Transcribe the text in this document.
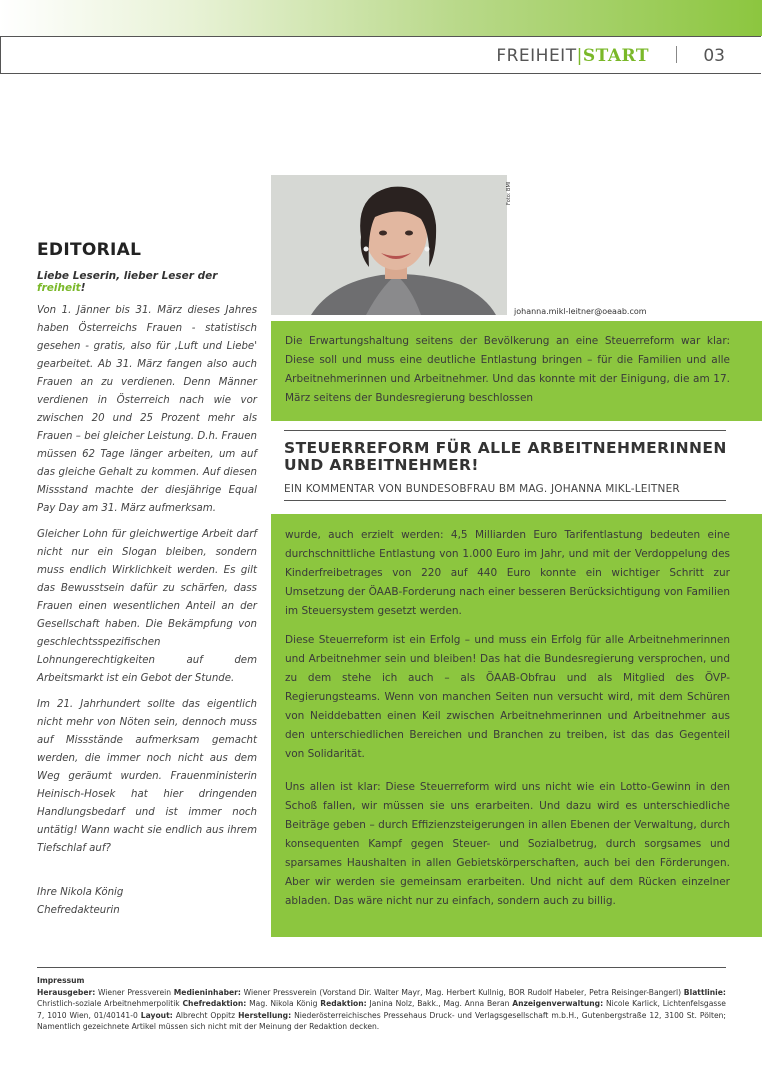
FREIHEIT|START	03
Foto: BMI
johanna.mikl-leitner@oeaab.com
EDITORIAL
Liebe Leserin, lieber Leser der freiheit!

Von 1. Jänner bis 31. März dieses Jahres haben Österreichs Frauen - statistisch gesehen - gratis, also für ‚Luft und Liebe' gearbeitet. Ab 31. März fangen also auch Frauen an zu verdienen. Denn Männer verdienen in Österreich nach wie vor zwischen 20 und 25 Prozent mehr als Frauen – bei gleicher Leistung. D.h. Frauen müssen 62 Tage länger arbeiten, um auf das gleiche Gehalt zu kommen. Auf diesen Missstand machte der diesjährige Equal Pay Day am 31. März aufmerksam.

Gleicher Lohn für gleichwertige Arbeit darf nicht nur ein Slogan bleiben, sondern muss endlich Wirklichkeit werden. Es gilt das Bewusstsein dafür zu schärfen, dass Frauen einen wesentlichen Anteil an der Gesellschaft haben. Die Bekämpfung von geschlechtsspezifischen Lohnungerechtigkeiten auf dem Arbeitsmarkt ist ein Gebot der Stunde.

Im 21. Jahrhundert sollte das eigentlich nicht mehr von Nöten sein, dennoch muss auf Missstände aufmerksam gemacht werden, die immer noch nicht aus dem Weg geräumt wurden. Frauenministerin Heinisch-Hosek hat hier dringenden Handlungsbedarf und ist immer noch untätig! Wann wacht sie endlich aus ihrem Tiefschlaf auf?

Ihre Nikola König
Chefredakteurin

Die Erwartungshaltung seitens der Bevölkerung an eine Steuerreform war klar: Diese soll und muss eine deutliche Entlastung bringen – für die Familien und alle Arbeitnehmerinnen und Arbeitnehmer. Und das konnte mit der Einigung, die am 17. März seitens der Bundesregierung beschlossen

STEUERREFORM FÜR ALLE ARBEITNEHMERINNEN UND ARBEITNEHMER!
EIN KOMMENTAR VON BUNDESOBFRAU BM MAG. JOHANNA MIKL-LEITNER

wurde, auch erzielt werden: 4,5 Milliarden Euro Tarifentlastung bedeuten eine durchschnittliche Entlastung von 1.000 Euro im Jahr, und mit der Verdoppelung des Kinderfreibetrages von 220 auf 440 Euro konnte ein wichtiger Schritt zur Umsetzung der ÖAAB-Forderung nach einer besseren Berücksichtigung von Familien im Steuersystem gesetzt werden.

Diese Steuerreform ist ein Erfolg – und muss ein Erfolg für alle Arbeitnehmerinnen und Arbeitnehmer sein und bleiben! Das hat die Bundesregierung versprochen, und zu dem stehe ich auch – als ÖAAB-Obfrau und als Mitglied des ÖVP-Regierungsteams. Wenn von manchen Seiten nun versucht wird, mit dem Schüren von Neiddebatten einen Keil zwischen Arbeitnehmerinnen und Arbeitnehmer aus den unterschiedlichen Bereichen und Branchen zu treiben, ist das das Gegenteil von Solidarität.

Uns allen ist klar: Diese Steuerreform wird uns nicht wie ein Lotto-Gewinn in den Schoß fallen, wir müssen sie uns erarbeiten. Und dazu wird es unterschiedliche Beiträge geben – durch Effizienzsteigerungen in allen Ebenen der Verwaltung, durch konsequenten Kampf gegen Steuer- und Sozialbetrug, durch sorgsames und sparsames Haushalten in allen Gebietskörperschaften, auch bei den Förderungen. Aber wir werden sie gemeinsam erarbeiten. Und nicht auf dem Rücken einzelner abladen. Das wäre nicht nur zu einfach, sondern auch zu billig.

Impressum
Herausgeber: Wiener Pressverein Medieninhaber: Wiener Pressverein (Vorstand Dir. Walter Mayr, Mag. Herbert Kullnig, BOR Rudolf Habeler, Petra Reisinger-Bangerl) Blattlinie: Christlich-soziale Arbeitnehmerpolitik Chefredaktion: Mag. Nikola König Redaktion: Janina Nolz, Bakk., Mag. Anna Beran Anzeigenverwaltung: Nicole Karlick, Lichtenfelsgasse 7, 1010 Wien, 01/40141-0 Layout: Albrecht Oppitz Herstellung: Niederösterreichisches Pressehaus Druck- und Verlagsgesellschaft m.b.H., Gutenbergstraße 12, 3100 St. Pölten; Namentlich gezeichnete Artikel müssen sich nicht mit der Meinung der Redaktion decken.
